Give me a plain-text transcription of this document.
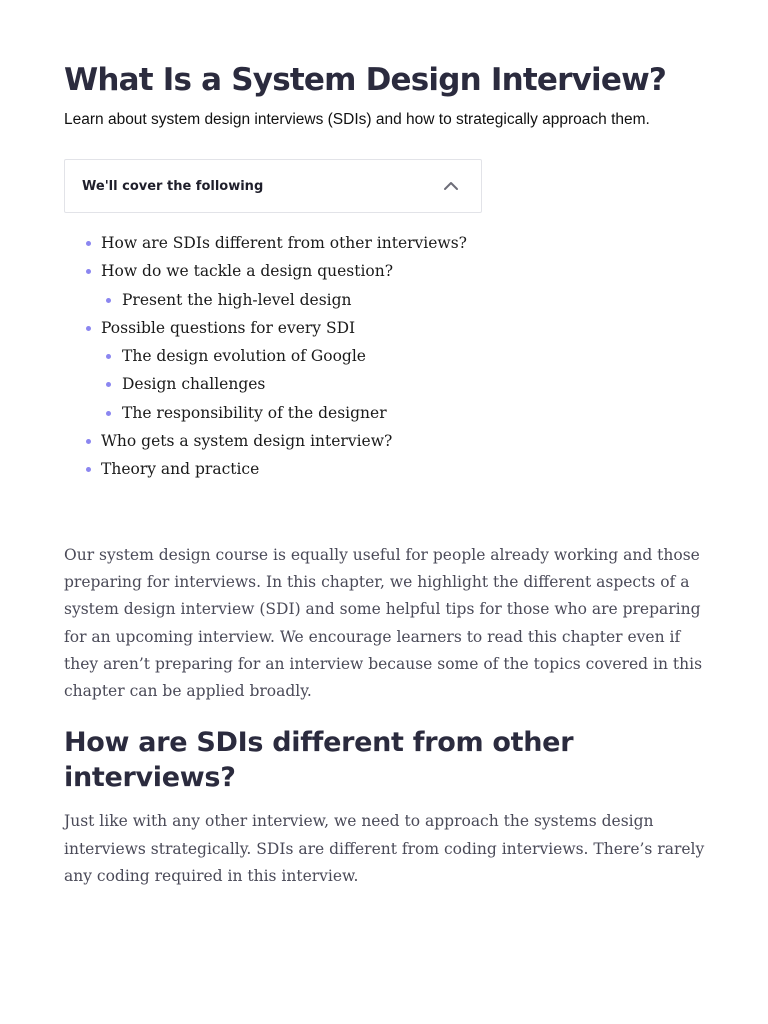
What Is a System Design Interview?

Learn about system design interviews (SDIs) and how to strategically approach them.

We'll cover the following
How are SDIs different from other interviews?
How do we tackle a design question?
Present the high-level design
Possible questions for every SDI
The design evolution of Google
Design challenges
The responsibility of the designer
Who gets a system design interview?
Theory and practice

Our system design course is equally useful for people already working and those preparing for interviews. In this chapter, we highlight the different aspects of a system design interview (SDI) and some helpful tips for those who are preparing for an upcoming interview. We encourage learners to read this chapter even if they aren’t preparing for an interview because some of the topics covered in this chapter can be applied broadly.

How are SDIs different from other interviews?

Just like with any other interview, we need to approach the systems design interviews strategically. SDIs are different from coding interviews. There’s rarely any coding required in this interview.
